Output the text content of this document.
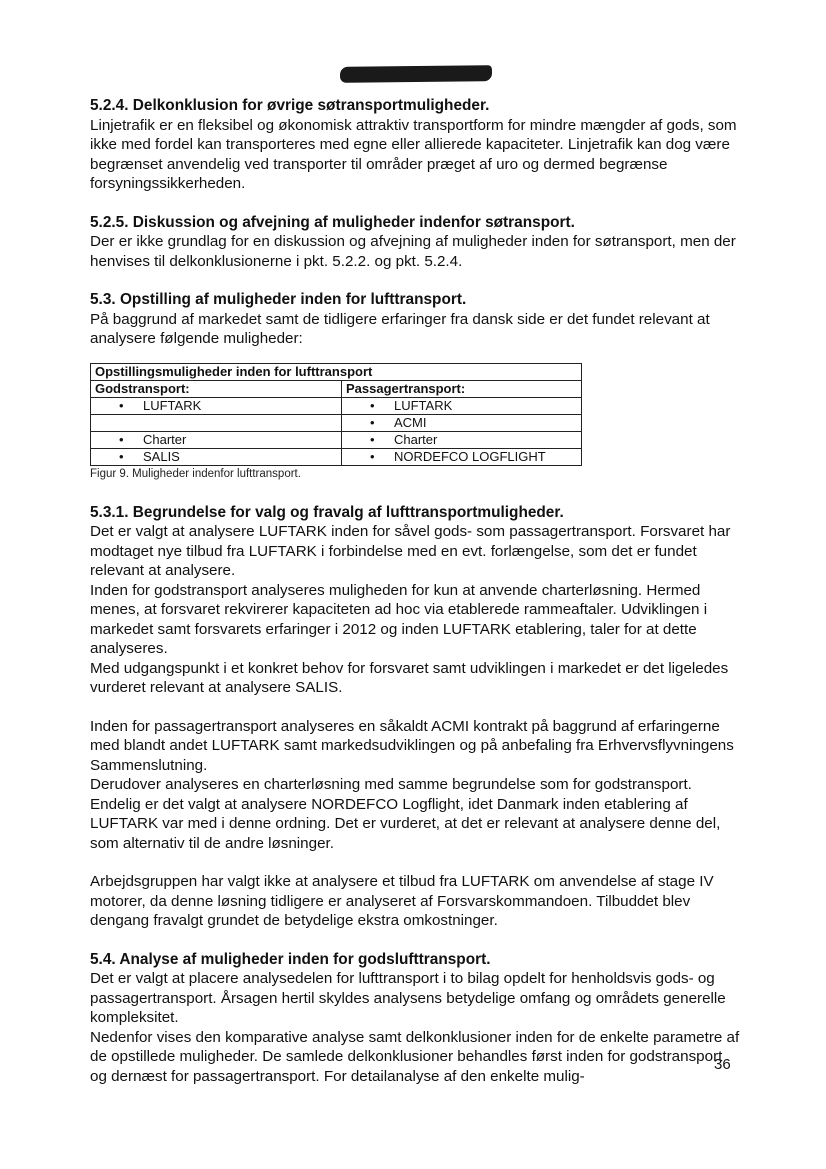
5.2.4. Delkonklusion for øvrige søtransportmuligheder.

Linjetrafik er en fleksibel og økonomisk attraktiv transportform for mindre mængder af gods, som ikke med fordel kan transporteres med egne eller allierede kapaciteter. Linjetrafik kan dog være begrænset anvendelig ved transporter til områder præget af uro og dermed begrænse forsyningssikkerheden.

5.2.5. Diskussion og afvejning af muligheder indenfor søtransport.

Der er ikke grundlag for en diskussion og afvejning af muligheder inden for søtransport, men der henvises til delkonklusionerne i pkt. 5.2.2. og pkt. 5.2.4.

5.3. Opstilling af muligheder inden for lufttransport.

På baggrund af markedet samt de tidligere erfaringer fra dansk side er det fundet relevant at analysere følgende muligheder:

Opstillingsmuligheder inden for lufttransport	
Godstransport:	Passagertransport:
• LUFTARK	• LUFTARK
	• ACMI
• Charter	• Charter
• SALIS	• NORDEFCO LOGFLIGHT
Figur 9. Muligheder indenfor lufttransport.
5.3.1. Begrundelse for valg og fravalg af lufttransportmuligheder.

Det er valgt at analysere LUFTARK inden for såvel gods- som passagertransport. Forsvaret har modtaget nye tilbud fra LUFTARK i forbindelse med en evt. forlængelse, som det er fundet relevant at analysere.

Inden for godstransport analyseres muligheden for kun at anvende charterløsning. Hermed menes, at forsvaret rekvirerer kapaciteten ad hoc via etablerede rammeaftaler. Udviklingen i markedet samt forsvarets erfaringer i 2012 og inden LUFTARK etablering, taler for at dette analyseres.

Med udgangspunkt i et konkret behov for forsvaret samt udviklingen i markedet er det ligeledes vurderet relevant at analysere SALIS.

Inden for passagertransport analyseres en såkaldt ACMI kontrakt på baggrund af erfaringerne med blandt andet LUFTARK samt markedsudviklingen og på anbefaling fra Erhvervsflyvningens Sammenslutning.

Derudover analyseres en charterløsning med samme begrundelse som for godstransport. Endelig er det valgt at analysere NORDEFCO Logflight, idet Danmark inden etablering af LUFTARK var med i denne ordning. Det er vurderet, at det er relevant at analysere denne del, som alternativ til de andre løsninger.

Arbejdsgruppen har valgt ikke at analysere et tilbud fra LUFTARK om anvendelse af stage IV motorer, da denne løsning tidligere er analyseret af Forsvarskommandoen. Tilbuddet blev dengang fravalgt grundet de betydelige ekstra omkostninger.

5.4. Analyse af muligheder inden for godslufttransport.

Det er valgt at placere analysedelen for lufttransport i to bilag opdelt for henholdsvis gods- og passagertransport. Årsagen hertil skyldes analysens betydelige omfang og områdets generelle kompleksitet.

Nedenfor vises den komparative analyse samt delkonklusioner inden for de enkelte parametre af de opstillede muligheder. De samlede delkonklusioner behandles først inden for godstransport og dernæst for passagertransport. For detailanalyse af den enkelte mulig-

36
